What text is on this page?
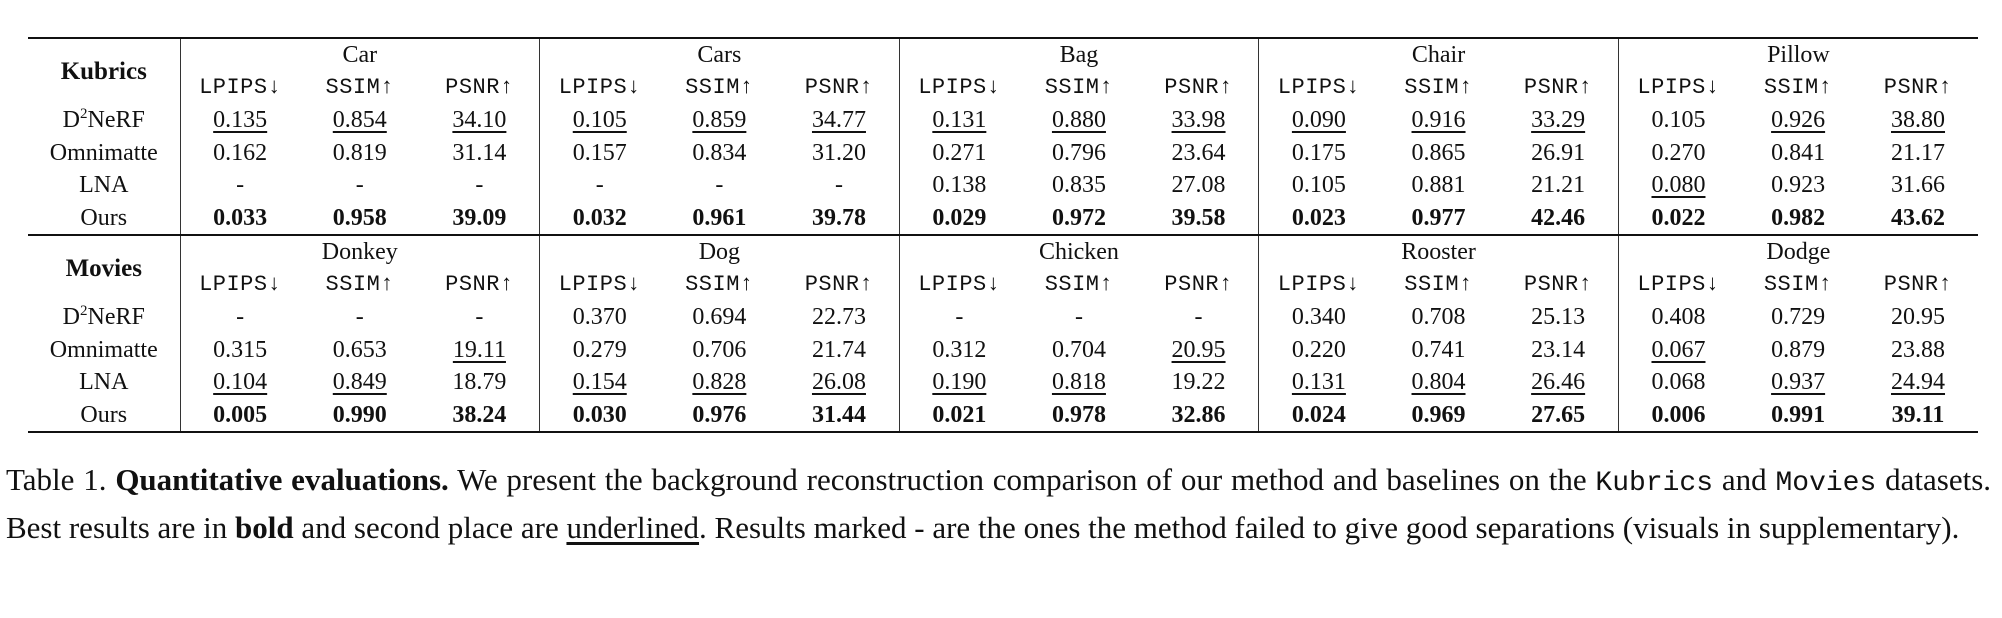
Kubrics	Car			Cars			Bag			Chair			Pillow		
	LPIPS↓	SSIM↑	PSNR↑	LPIPS↓	SSIM↑	PSNR↑	LPIPS↓	SSIM↑	PSNR↑	LPIPS↓	SSIM↑	PSNR↑	LPIPS↓	SSIM↑	PSNR↑
$D^2NeRF$	0.135	0.854	34.10	0.105	0.859	34.77	0.131	0.880	33.98	0.090	0.916	33.29	0.105	0.926	38.80
Omnimatte	0.162	0.819	31.14	0.157	0.834	31.20	0.271	0.796	23.64	0.175	0.865	26.91	0.270	0.841	21.17
LNA	-	-	-	-	-	-	0.138	0.835	27.08	0.105	0.881	21.21	0.080	0.923	31.66
Ours	0.033	0.958	39.09	0.032	0.961	39.78	0.029	0.972	39.58	0.023	0.977	42.46	0.022	0.982	43.62
Movies	Donkey			Dog			Chicken			Rooster			Dodge		
	LPIPS↓	SSIM↑	PSNR↑	LPIPS↓	SSIM↑	PSNR↑	LPIPS↓	SSIM↑	PSNR↑	LPIPS↓	SSIM↑	PSNR↑	LPIPS↓	SSIM↑	PSNR↑
$D^2NeRF$	-	-	-	0.370	0.694	22.73	-	-	-	0.340	0.708	25.13	0.408	0.729	20.95
Omnimatte	0.315	0.653	19.11	0.279	0.706	21.74	0.312	0.704	20.95	0.220	0.741	23.14	0.067	0.879	23.88
LNA	0.104	0.849	18.79	0.154	0.828	26.08	0.190	0.818	19.22	0.131	0.804	26.46	0.068	0.937	24.94
Ours	0.005	0.990	38.24	0.030	0.976	31.44	0.021	0.978	32.86	0.024	0.969	27.65	0.006	0.991	39.11
Table 1. Quantitative evaluations. We present the background reconstruction comparison of our method and baselines on the Kubrics and Movies datasets. Best results are in bold and second place are underlined. Results marked - are the ones the method failed to give good separations (visuals in supplementary).
